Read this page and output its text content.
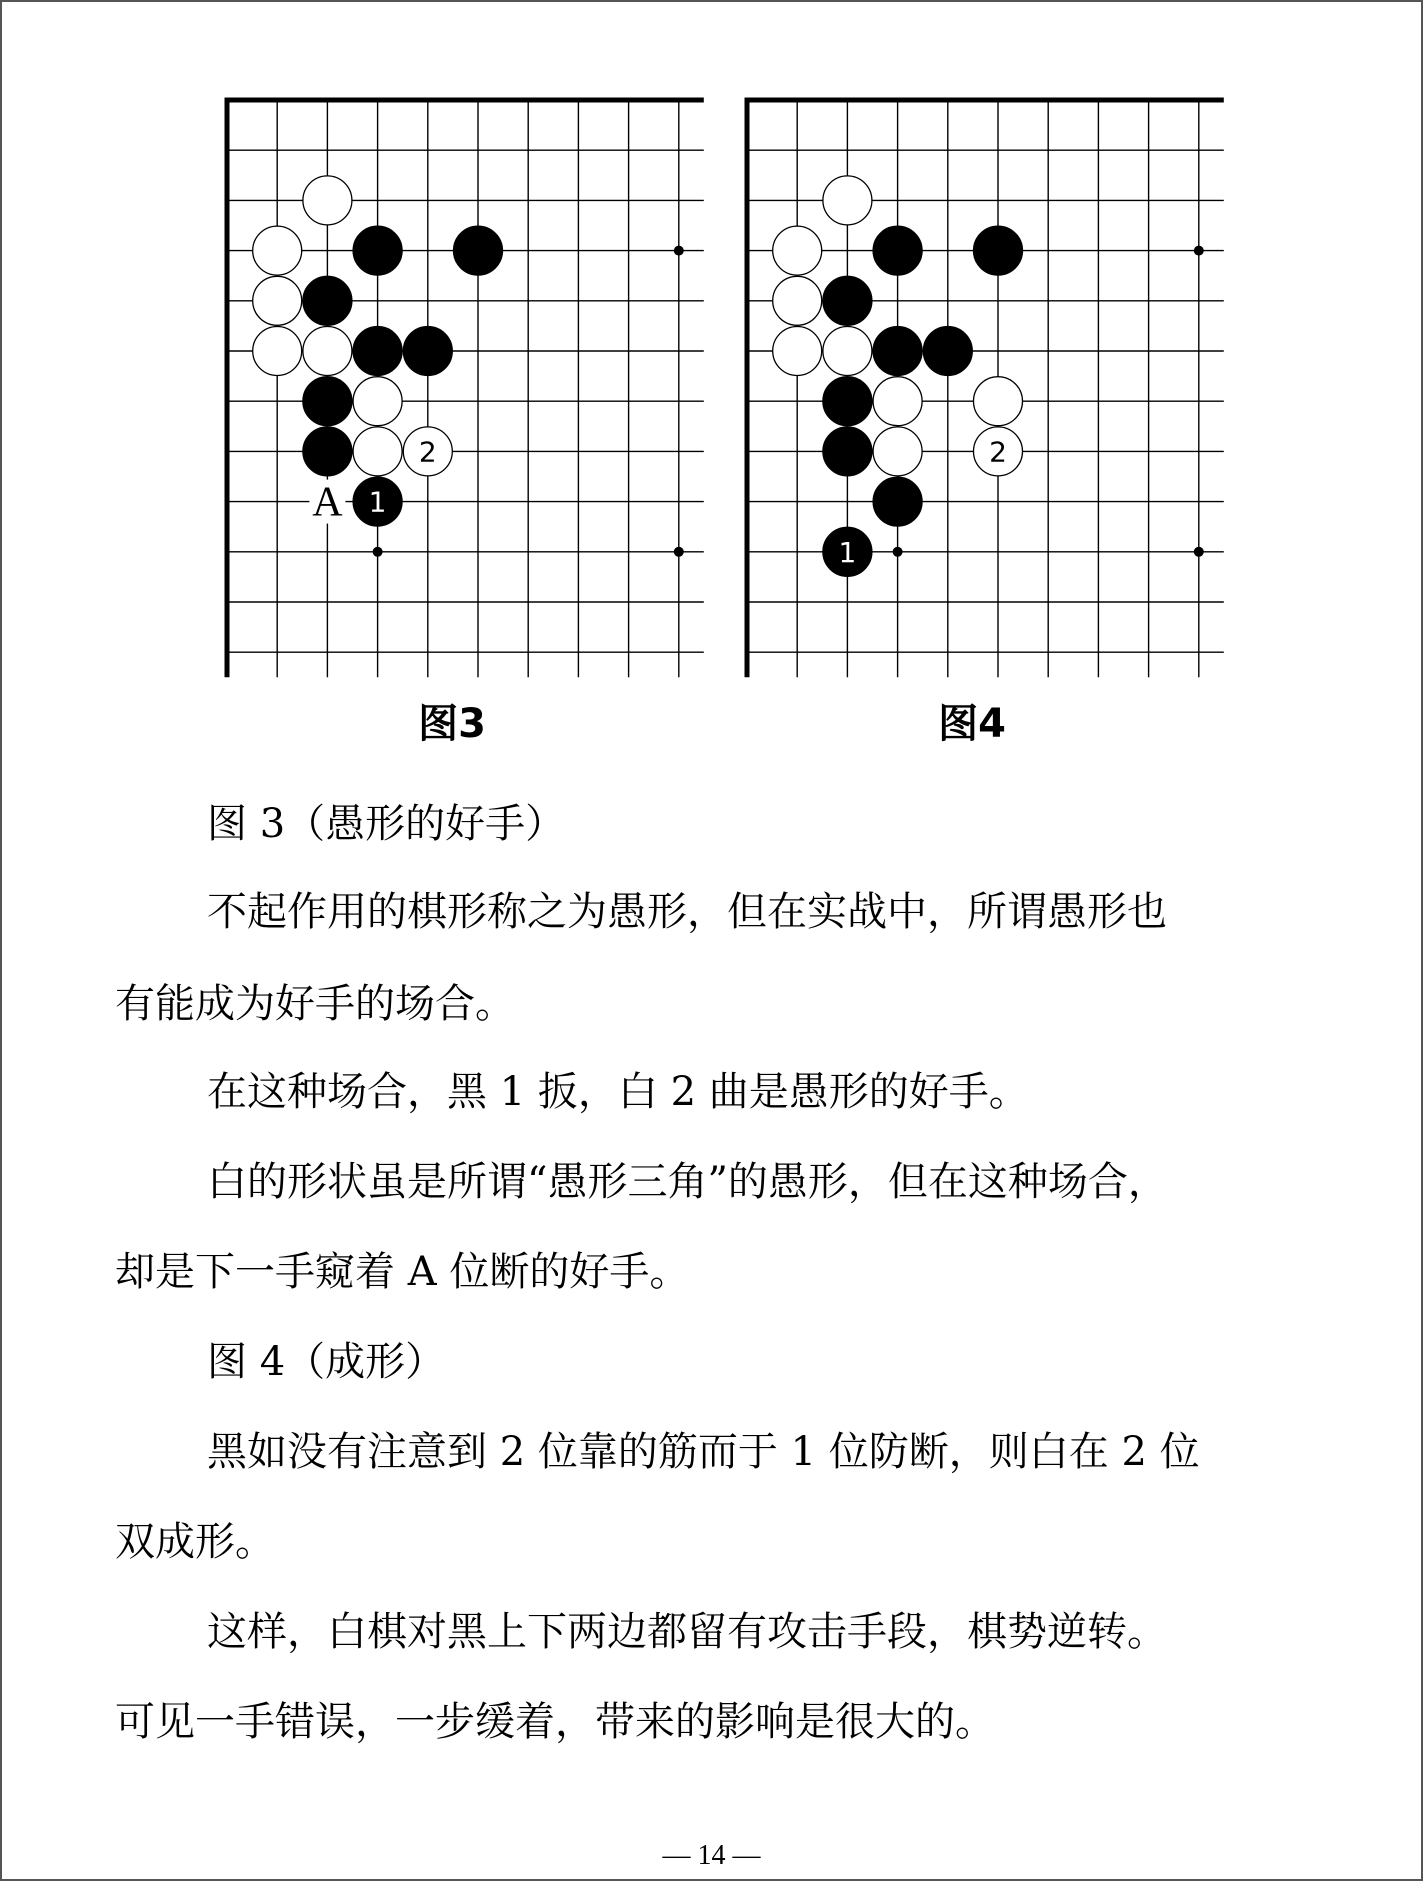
A
2
1
图3
2
1
图4
图 3（愚形的好手）
不起作用的棋形称之为愚形，但在实战中，所谓愚形也
有能成为好手的场合。
在这种场合，黑 1 扳，白 2 曲是愚形的好手。
白的形状虽是所谓“愚形三角”的愚形，但在这种场合，
却是下一手窥着 A 位断的好手。
图 4（成形）
黑如没有注意到 2 位靠的筋而于 1 位防断，则白在 2 位
双成形。
这样，白棋对黑上下两边都留有攻击手段，棋势逆转。
可见一手错误，一步缓着，带来的影响是很大的。
— 14 —
